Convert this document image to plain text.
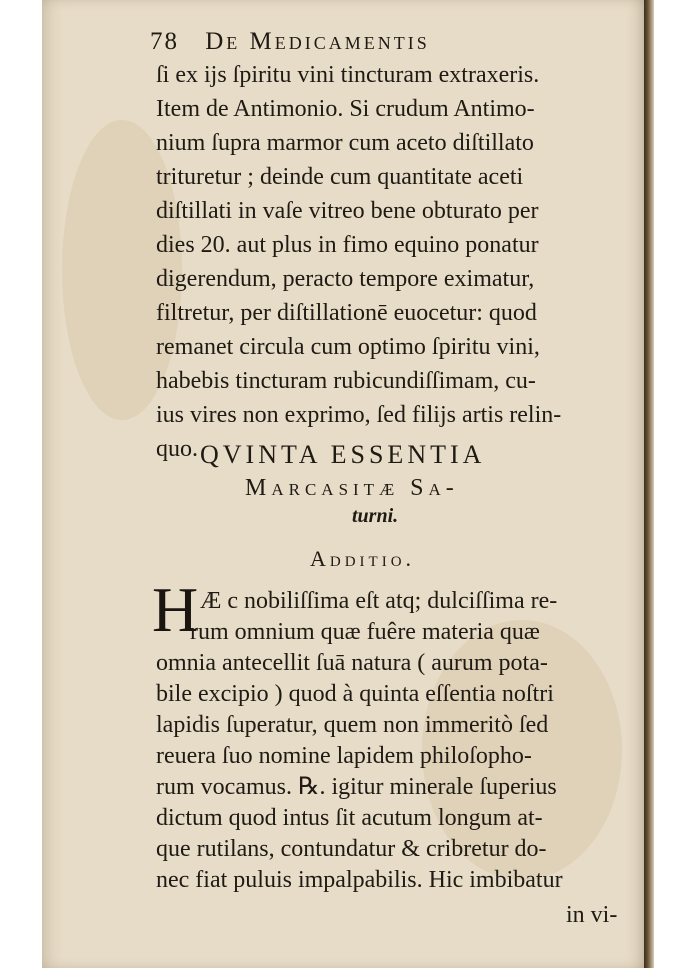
78 De Medicamentis
ſi ex ijs ſpiritu vini tincturam extraxeris.
Item de Antimonio. Si crudum Antimo-
nium ſupra marmor cum aceto diſtillato
trituretur ; deinde cum quantitate aceti
diſtillati in vaſe vitreo bene obturato per
dies 20. aut plus in fimo equino ponatur
digerendum, peracto tempore eximatur,
filtretur, per diſtillationē euocetur: quod
remanet circula cum optimo ſpiritu vini,
habebis tincturam rubicundiſſimam, cu-
ius vires non exprimo, ſed filijs artis relin-
quo. QVINTA ESSENTIA
Marcasitæ Sa-
turni.
Additio.
H Æ c nobiliſſima eſt atq; dulciſſima re-
rum omnium quæ fuêre materia quæ
omnia antecellit ſuā natura ( aurum pota-
bile excipio ) quod à quinta eſſentia noſtri
lapidis ſuperatur, quem non immeritò ſed
reuera ſuo nomine lapidem philoſopho-
rum vocamus. ℞. igitur minerale ſuperius
dictum quod intus ſit acutum longum at-
que rutilans, contundatur & cribretur do-
nec fiat puluis impalpabilis. Hic imbibatur
in vi-
